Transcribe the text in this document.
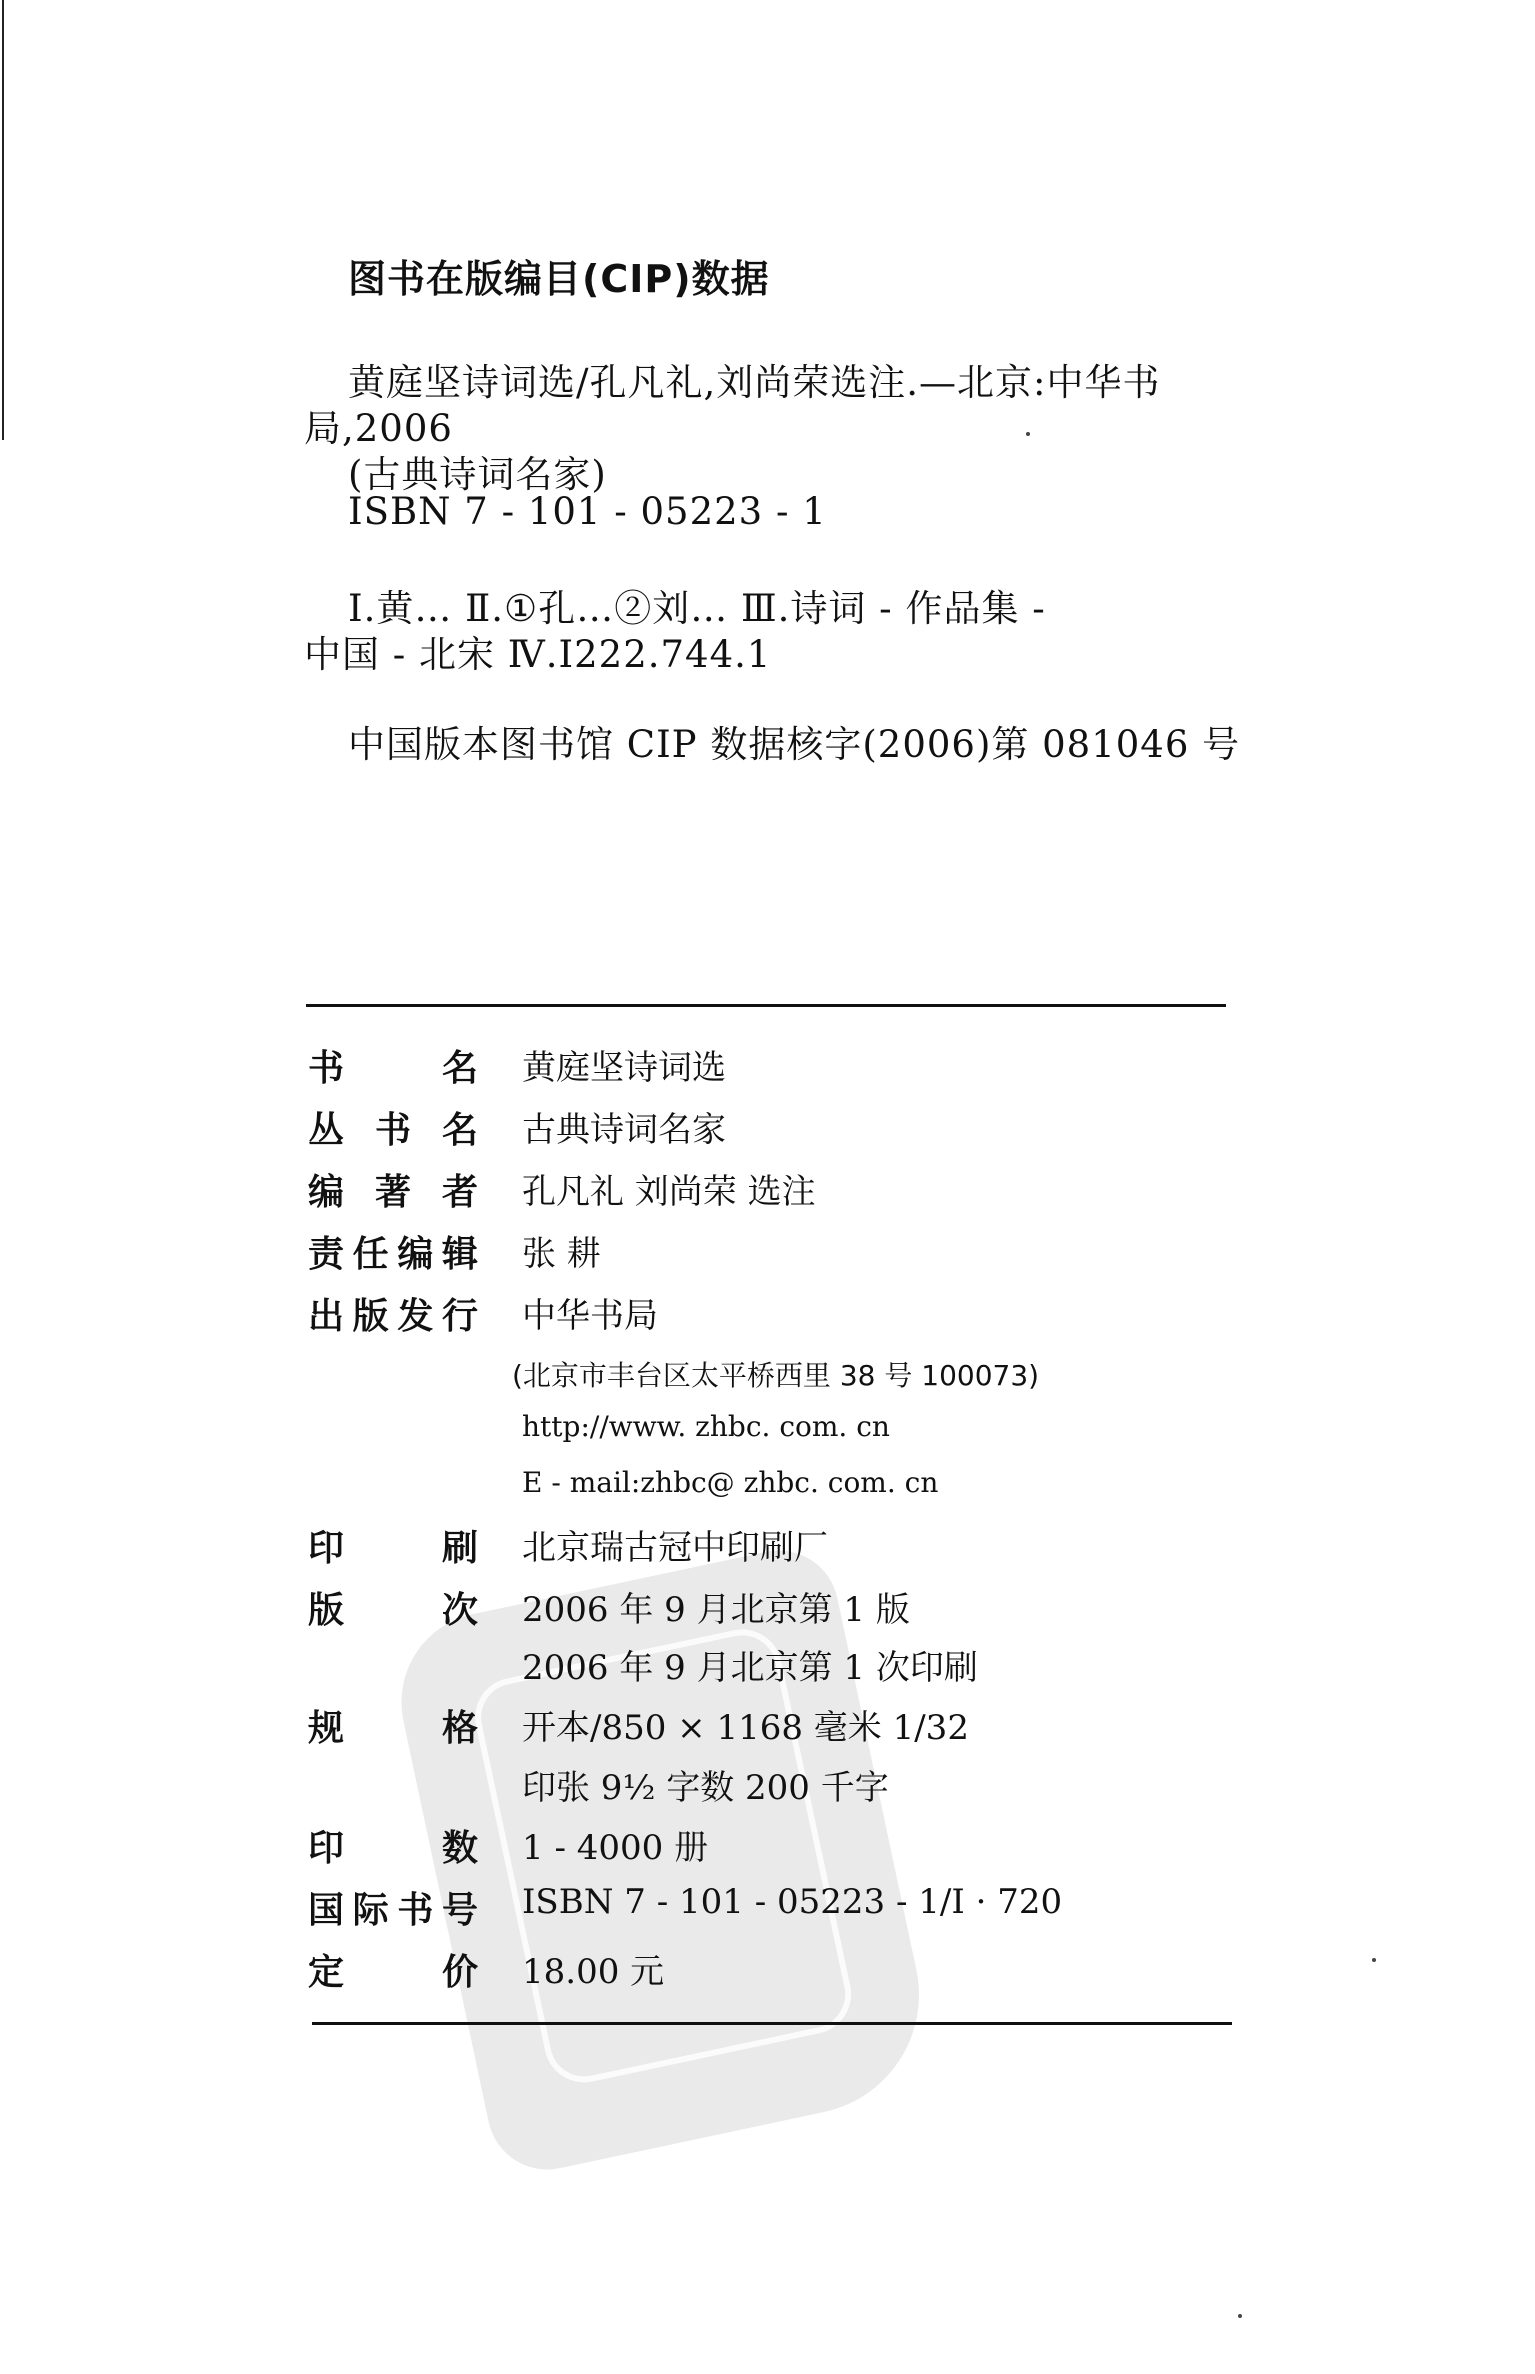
图书在版编目(CIP)数据
黄庭坚诗词选/孔凡礼,刘尚荣选注.—北京:中华书
局,2006
(古典诗词名家)
ISBN 7 - 101 - 05223 - 1
Ⅰ.黄… Ⅱ.①孔…②刘… Ⅲ.诗词 - 作品集 -
中国 - 北宋 Ⅳ.I222.744.1
中国版本图书馆 CIP 数据核字(2006)第 081046 号
书	名 黄庭坚诗词选
丛 书 名 古典诗词名家
编 著 者 孔凡礼 刘尚荣 选注
责 任 编 辑 张 耕
出 版 发 行 中华书局
(北京市丰台区太平桥西里 38 号 100073)
http://www. zhbc. com. cn
E - mail:zhbc@ zhbc. com. cn
印	刷 北京瑞古冠中印刷厂
版	次 2006 年 9 月北京第 1 版
2006 年 9 月北京第 1 次印刷
规	格 开本/850 × 1168 毫米 1/32
印张 9½ 字数 200 千字
印	数 1 - 4000 册
国 际 书 号 ISBN 7 - 101 - 05223 - 1/I · 720
定	价 18.00 元
